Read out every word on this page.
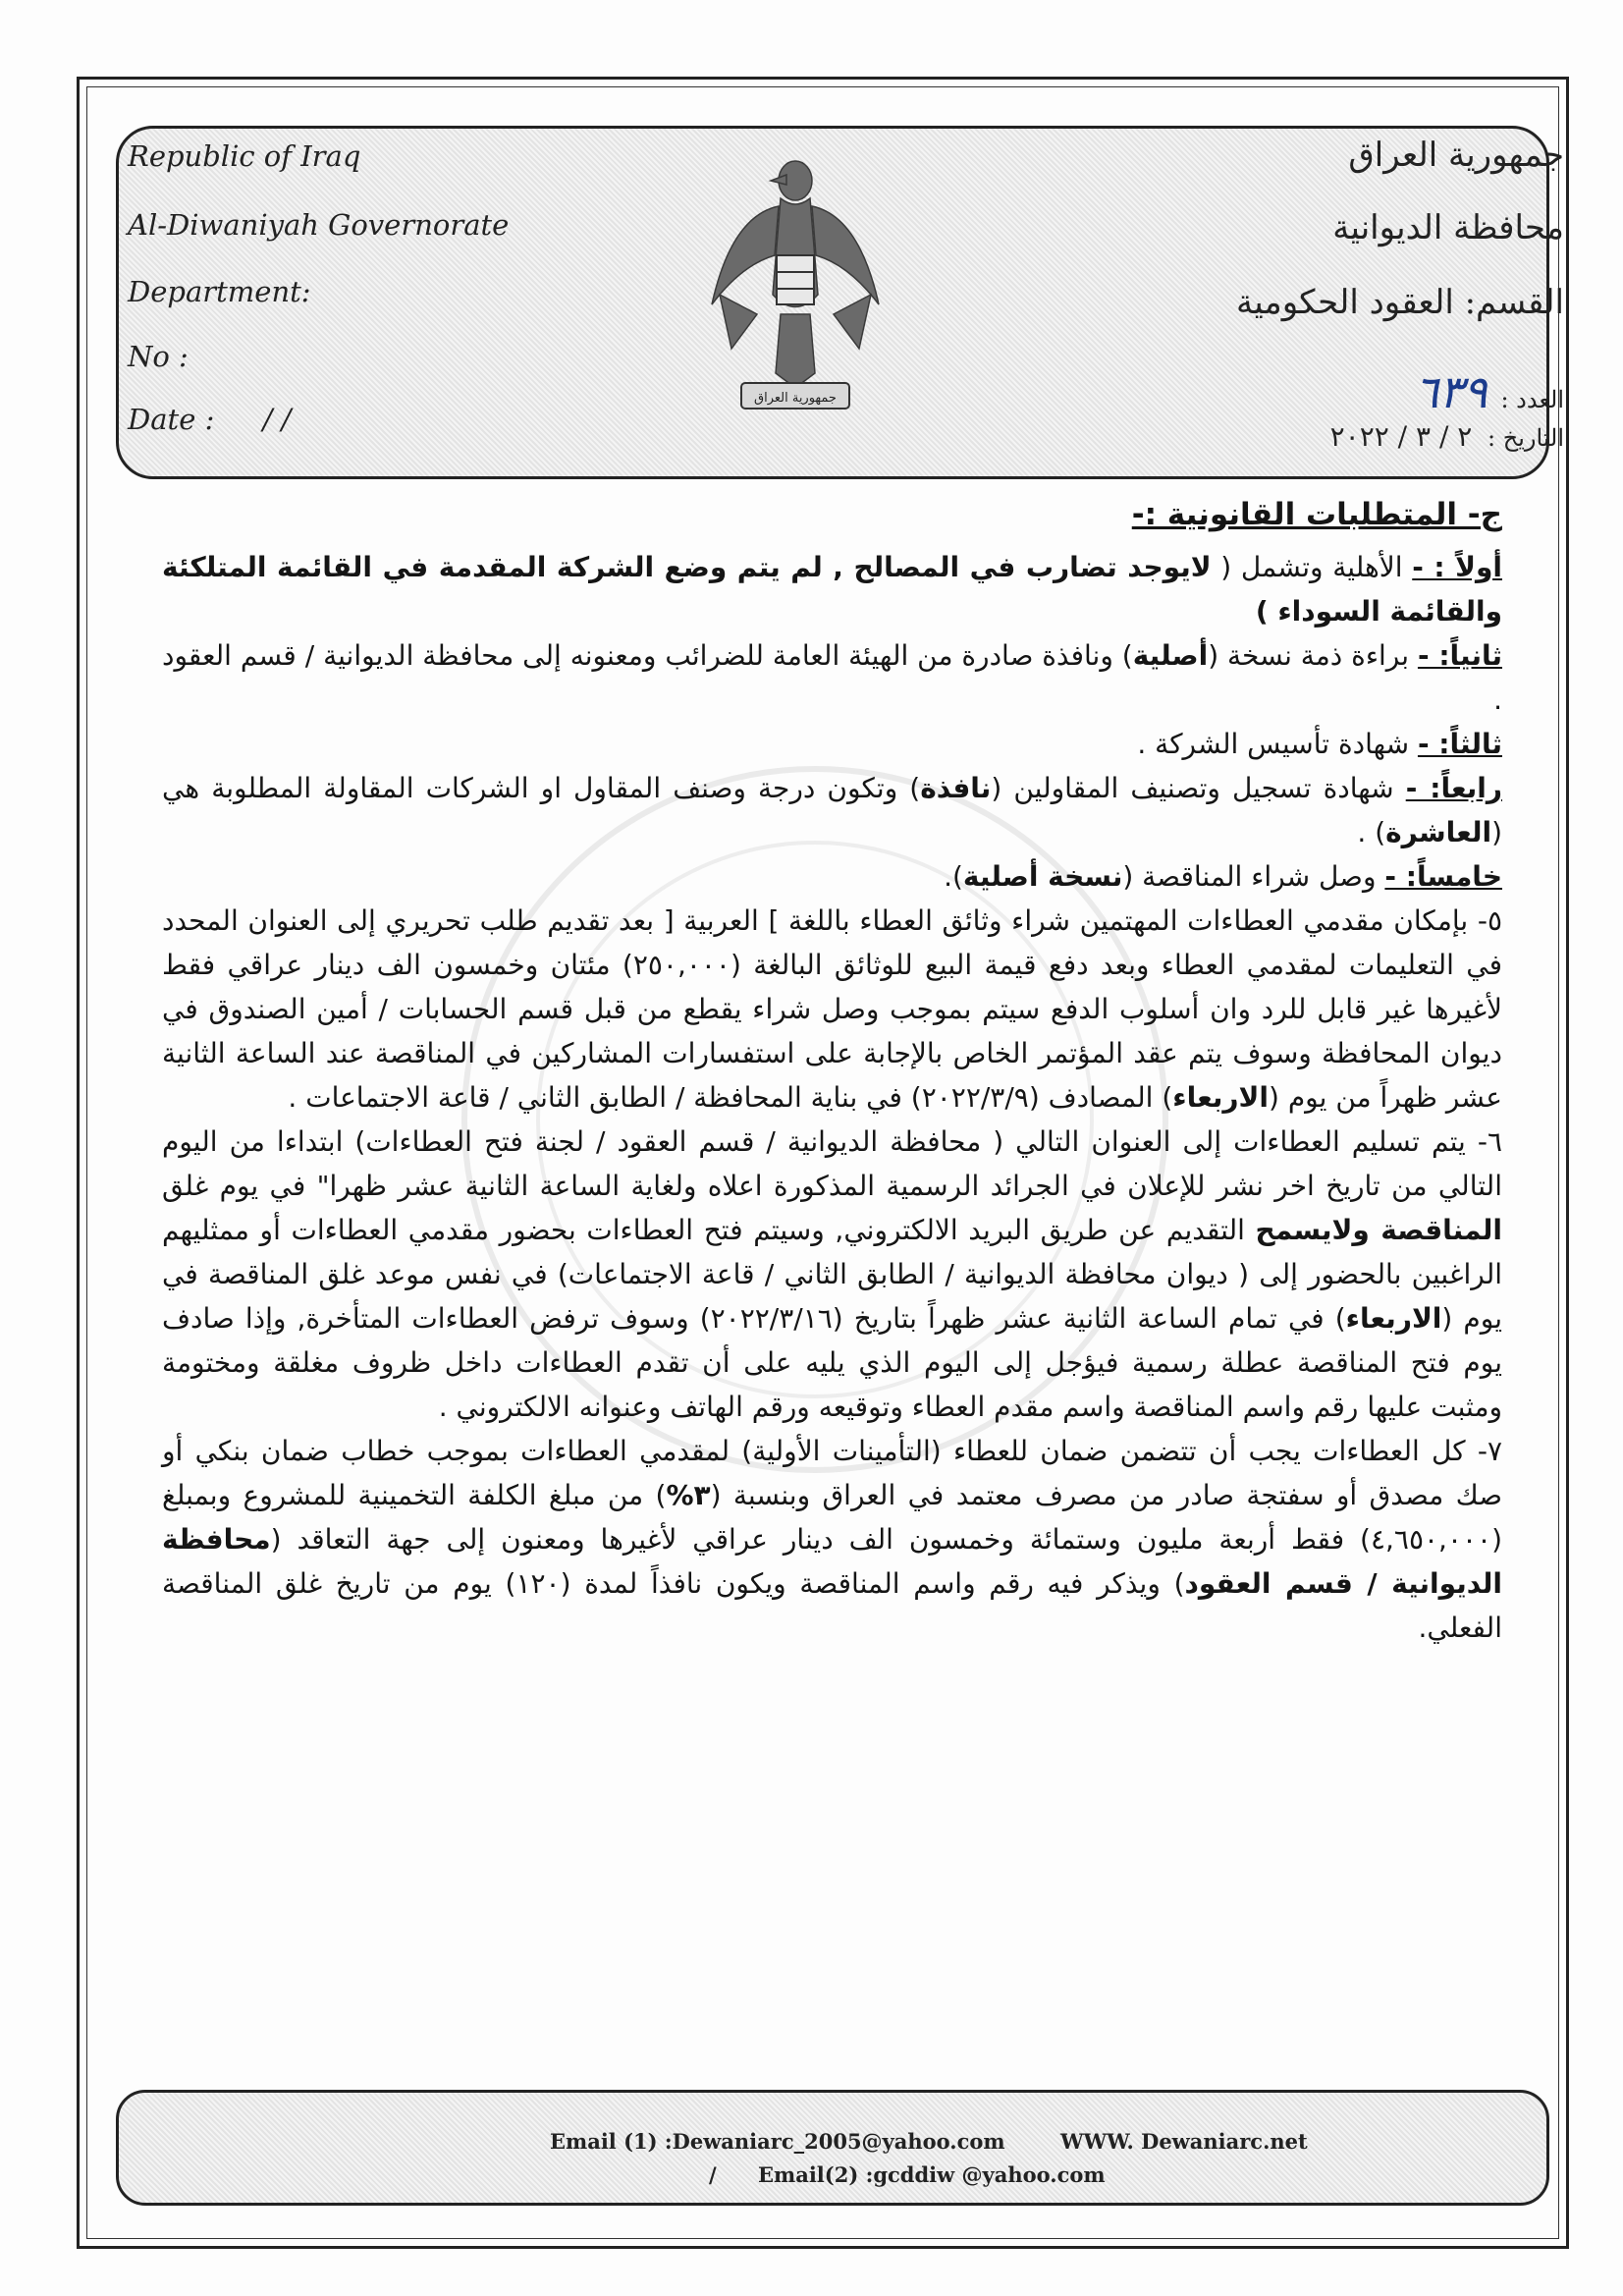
Republic of Iraq
Al-Diwaniyah Governorate
Department:
No :
Date : / /
جمهورية العراق
جمهورية العراق
محافظة الديوانية
القسم: العقود الحكومية
العدد : ٦٣٩
التاريخ : ٢ / ٣ / ٢٠٢٢

ج- المتطلبات القانونية :-

أولاً : - الأهلية وتشمل ( لايوجد تضارب في المصالح , لم يتم وضع الشركة المقدمة في القائمة المتلكئة والقائمة السوداء )

ثانياً: - براءة ذمة نسخة (أصلية) ونافذة صادرة من الهيئة العامة للضرائب ومعنونه إلى محافظة الديوانية / قسم العقود .

ثالثاً: - شهادة تأسيس الشركة .

رابعاً: - شهادة تسجيل وتصنيف المقاولين (نافذة) وتكون درجة وصنف المقاول او الشركات المقاولة المطلوبة هي (العاشرة) .

خامساً: - وصل شراء المناقصة (نسخة أصلية).

٥- بإمكان مقدمي العطاءات المهتمين شراء وثائق العطاء باللغة ] العربية [ بعد تقديم طلب تحريري إلى العنوان المحدد في التعليمات لمقدمي العطاء وبعد دفع قيمة البيع للوثائق البالغة (٢٥٠,٠٠٠) مئتان وخمسون الف دينار عراقي فقط لأغيرها غير قابل للرد وان أسلوب الدفع سيتم بموجب وصل شراء يقطع من قبل قسم الحسابات / أمين الصندوق في ديوان المحافظة وسوف يتم عقد المؤتمر الخاص بالإجابة على استفسارات المشاركين في المناقصة عند الساعة الثانية عشر ظهراً من يوم (الاربعاء) المصادف (٢٠٢٢/٣/٩) في بناية المحافظة / الطابق الثاني / قاعة الاجتماعات .

٦- يتم تسليم العطاءات إلى العنوان التالي ( محافظة الديوانية / قسم العقود / لجنة فتح العطاءات) ابتداءا من اليوم التالي من تاريخ اخر نشر للإعلان في الجرائد الرسمية المذكورة اعلاه ولغاية الساعة الثانية عشر ظهرا" في يوم غلق المناقصة ولايسمح التقديم عن طريق البريد الالكتروني, وسيتم فتح العطاءات بحضور مقدمي العطاءات أو ممثليهم الراغبين بالحضور إلى ( ديوان محافظة الديوانية / الطابق الثاني / قاعة الاجتماعات) في نفس موعد غلق المناقصة في يوم (الاربعاء) في تمام الساعة الثانية عشر ظهراً بتاريخ (٢٠٢٢/٣/١٦) وسوف ترفض العطاءات المتأخرة, وإذا صادف يوم فتح المناقصة عطلة رسمية فيؤجل إلى اليوم الذي يليه على أن تقدم العطاءات داخل ظروف مغلقة ومختومة ومثبت عليها رقم واسم المناقصة واسم مقدم العطاء وتوقيعه ورقم الهاتف وعنوانه الالكتروني .

٧- كل العطاءات يجب أن تتضمن ضمان للعطاء (التأمينات الأولية) لمقدمي العطاءات بموجب خطاب ضمان بنكي أو صك مصدق أو سفتجة صادر من مصرف معتمد في العراق وبنسبة (٣%) من مبلغ الكلفة التخمينية للمشروع وبمبلغ (٤,٦٥٠,٠٠٠) فقط أربعة مليون وستمائة وخمسون الف دينار عراقي لأغيرها ومعنون إلى جهة التعاقد (محافظة الديوانية / قسم العقود) ويذكر فيه رقم واسم المناقصة ويكون نافذاً لمدة (١٢٠) يوم من تاريخ غلق المناقصة الفعلي.

Email (1) :Dewaniarc_2005@yahoo.com	WWW. Dewaniarc.net
/ Email(2) :gcddiw @yahoo.com
